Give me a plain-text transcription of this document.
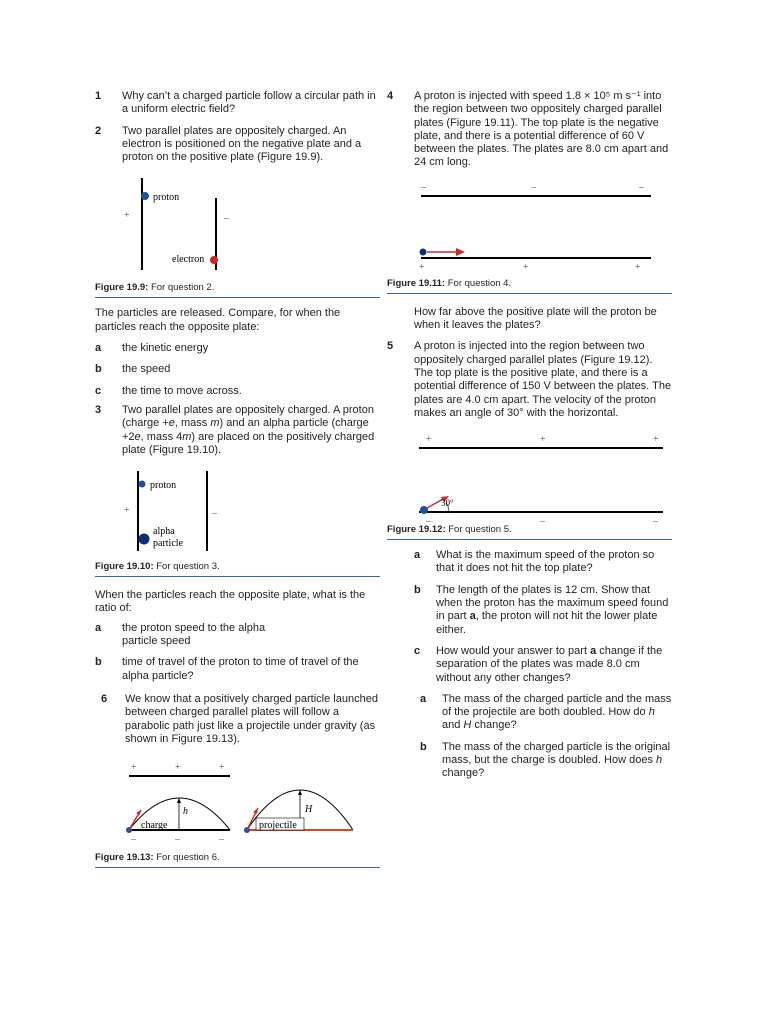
1 Why can’t a charged particle follow a circular path in a uniform electric field?
2 Two parallel plates are oppositely charged. An electron is positioned on the negative plate and a proton on the positive plate (Figure 19.9).
+	–
proton
electron
Figure 19.9: For question 2.
The particles are released. Compare, for when the particles reach the opposite plate:
a the kinetic energy
b the speed
c the time to move across.
3 Two parallel plates are oppositely charged. A proton (charge +e, mass m) and an alpha particle (charge +2e, mass 4m) are placed on the positively charged plate (Figure 19.10).
+	–
proton
alpha
particle
Figure 19.10: For question 3.
When the particles reach the opposite plate, what is the ratio of:
a the proton speed to the alpha particle speed
b time of travel of the proton to time of travel of the alpha particle?
6 We know that a positively charged particle launched between charged parallel plates will follow a parabolic path just like a projectile under gravity (as shown in Figure 19.13).
+	+	+
h
charge
–	–	–
H
projectile
Figure 19.13: For question 6.
4 A proton is injected with speed 1.8 × 10⁵ m s⁻¹ into the region between two oppositely charged parallel plates (Figure 19.11). The top plate is the negative plate, and there is a potential difference of 60 V between the plates. The plates are 8.0 cm apart and 24 cm long.
–	–	–
+	+	+
Figure 19.11: For question 4.
How far above the positive plate will the proton be when it leaves the plates?
5 A proton is injected into the region between two oppositely charged parallel plates (Figure 19.12). The top plate is the positive plate, and there is a potential difference of 150 V between the plates. The plates are 4.0 cm apart. The velocity of the proton makes an angle of 30° with the horizontal.
+	+	+
30°
–	–	–
Figure 19.12: For question 5.
a What is the maximum speed of the proton so that it does not hit the top plate?
b The length of the plates is 12 cm. Show that when the proton has the maximum speed found in part a, the proton will not hit the lower plate either.
c How would your answer to part a change if the separation of the plates was made 8.0 cm without any other changes?
a The mass of the charged particle and the mass of the projectile are both doubled. How do h and H change?
b The mass of the charged particle is the original mass, but the charge is doubled. How does h change?
